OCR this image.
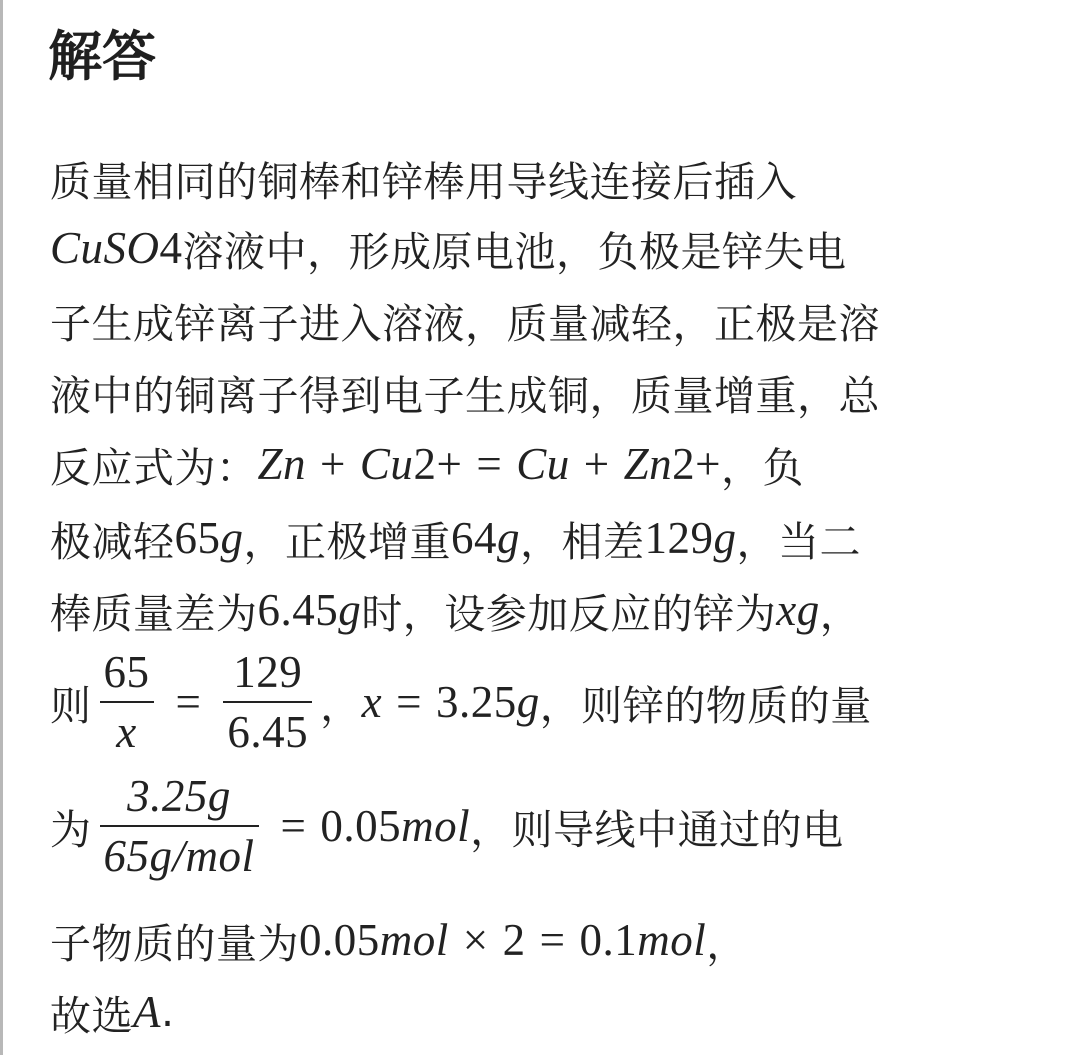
解答
质量相同的铜棒和锌棒用导线连接后插入
CuSO 4 溶液中，形成原电池，负极是锌失电
子生成锌离子进入溶液，质量减轻，正极是溶
液中的铜离子得到电子生成铜，质量增重，总
反应式为： Zn + Cu 2+ = Cu + Zn 2+ ，负
极减轻 65 g ，正极增重 64 g ，相差 129 g ，当二
棒质量差为 6.45 g 时，设参加反应的锌为 xg ，
则 $\frac{65}{x} = \frac{129}{6.45}$ ， x = 3.25 g ，则锌的物质的量
为 $\frac{3.25g}{\text{65g/mol}} = 0.05$ mol ，则导线中通过的电
子物质的量为 0.05 mol × 2 = 0.1 mol ，
故选 A .
